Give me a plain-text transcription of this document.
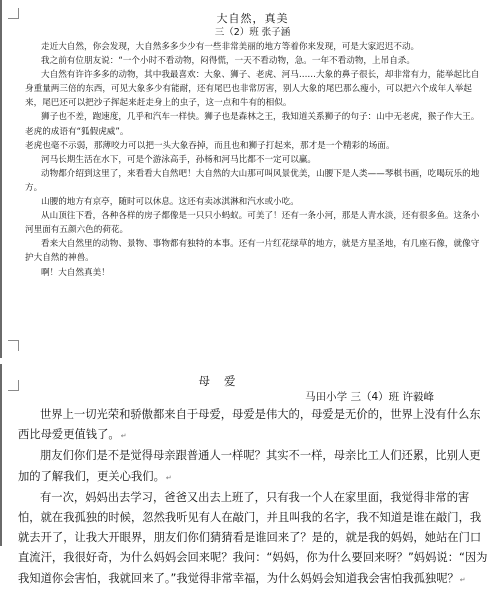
大自然，真美
三（2）班 张子涵
走近大自然，你会发现，大自然多多少少有一些非常美丽的地方等着你来发现，可是大家迟迟不动。
我之前有位朋友说：“一个小时不看动物，闷得慌，一天不看动物，急。一年不看动物，上吊自杀。
大自然有许许多多的动物，其中我最喜欢：大象、狮子、老虎、河马……大象的鼻子很长，却非常有力，能举起比自身重量两三倍的东西，可见大象多少有能耐，还有尾巴也非常厉害，别人大象的尾巴那么瘦小，可以把六个成年人举起来，尾巴还可以把沙子挥起来赶走身上的虫子，这一点和牛有的相似。
狮子也不差，跑速度，几乎和汽车一样快。狮子也是森林之王，我知道关系狮子的句子：山中无老虎，猴子作大王。老虎的成语有“狐假虎威”。
老虎也毫不示弱，那薄咬力可以把一头大象吞掉，而且也和狮子打起来，那才是一个精彩的场面。
河马长期生活在水下，可是个游泳高手，孙杨和河马比都不一定可以赢。
动物都介绍到这里了，来看看大自然吧！大自然的大山那可叫风景优美，山腰下是人类——琴棋书画，吃喝玩乐的地方。
山腰的地方有京亭，随时可以休息。这还有卖冰淇淋和汽水或小吃。
从山顶往下看，各种各样的房子都像是一只只小蚂蚁。可美了！还有一条小河，那是人青水淡，还有很多鱼。这条小河里面有五颜六色的荷花。
看来大自然里的动物、景物、事物都有独特的本事。还有一片红花绿草的地方，就是方星圣地，有几座石像，就像守护大自然的神兽。
啊！大自然真美！
母爱
马田小学 三（4）班 许毅峰
世界上一切光荣和骄傲都来自于母爱，母爱是伟大的，母爱是无价的，世界上没有什么东西比母爱更值钱了。↵
朋友们你们是不是觉得母亲跟普通人一样呢？其实不一样，母亲比工人们还累，比别人更加的了解我们，更关心我们。↵
有一次，妈妈出去学习，爸爸又出去上班了，只有我一个人在家里面，我觉得非常的害怕，就在我孤独的时候，忽然我听见有人在敲门，并且叫我的名字，我不知道是谁在敲门，我就去开了，让我大开眼界，朋友们你们猜猜看是谁回来了？是的，就是我的妈妈，她站在门口直流汗，我很好奇，为什么妈妈会回来呢？我问：“妈妈，你为什么要回来呀？”妈妈说：“因为我知道你会害怕，我就回来了。”我觉得非常幸福，为什么妈妈会知道我会害怕我孤独呢？↵
